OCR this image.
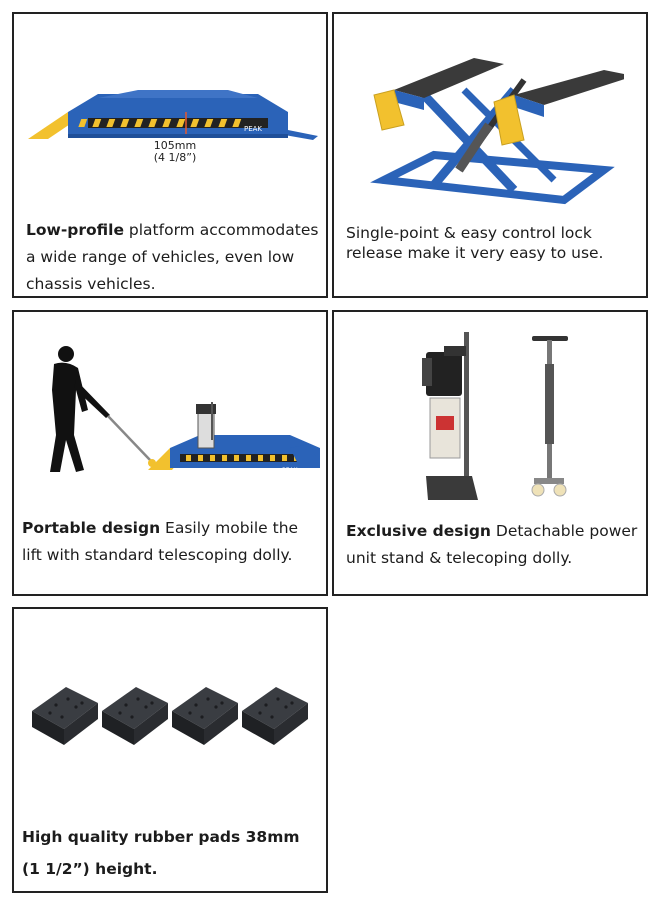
PEAK
105mm
(4 1/8”)
Low-profile platform accommodates a wide range of vehicles, even low chassis vehicles.
Single-point & easy control lock release make it very easy to use.
PEAK
Portable design Easily mobile the lift with standard telescoping dolly.
Exclusive design Detachable power unit stand & telecoping dolly.
High quality rubber pads 38mm (1 1/2”) height.
